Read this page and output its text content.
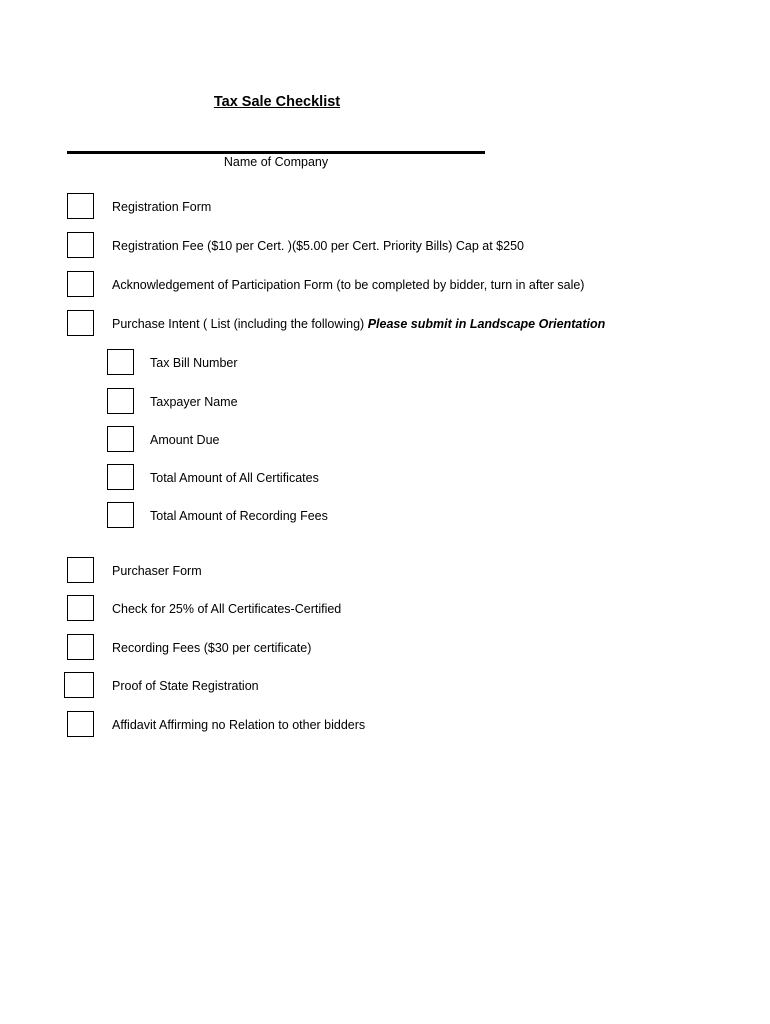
Tax Sale Checklist
Name of Company
Registration Form
Registration Fee ($10 per Cert. )($5.00 per Cert. Priority Bills) Cap at $250
Acknowledgement of Participation Form (to be completed by bidder, turn in after sale)
Purchase Intent ( List (including the following) Please submit in Landscape Orientation
Tax Bill Number
Taxpayer Name
Amount Due
Total Amount of All Certificates
Total Amount of Recording Fees
Purchaser Form
Check for 25% of All Certificates-Certified
Recording Fees ($30 per certificate)
Proof of State Registration
Affidavit Affirming no Relation to other bidders
